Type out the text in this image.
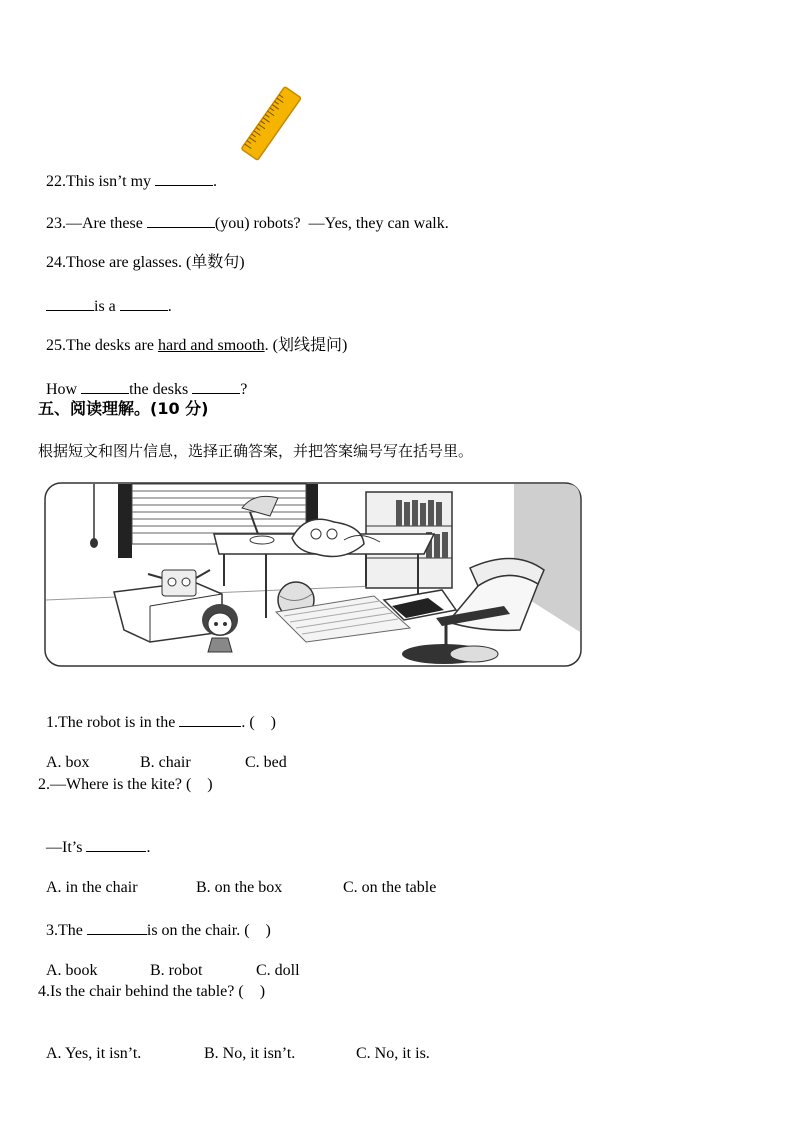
22.This isn’t my	.

23.—Are these	(you) robots?  —Yes, they can walk.

24.Those are glasses. (单数句)

is a	.

25.The desks are hard and smooth. (划线提问)

How	the desks	?

五、阅读理解。(10 分)
根据短文和图片信息，选择正确答案，并把答案编号写在括号里。

1.The robot is in the	. (    )

A. box	B. chair	C. bed

2.—Where is the kite? (    )

—It’s	.

A. in the chair	B. on the box	C. on the table

3.The	is on the chair. (    )

A. book	B. robot	C. doll

4.Is the chair behind the table? (    )

A. Yes, it isn’t.	B. No, it isn’t.	C. No, it is.
